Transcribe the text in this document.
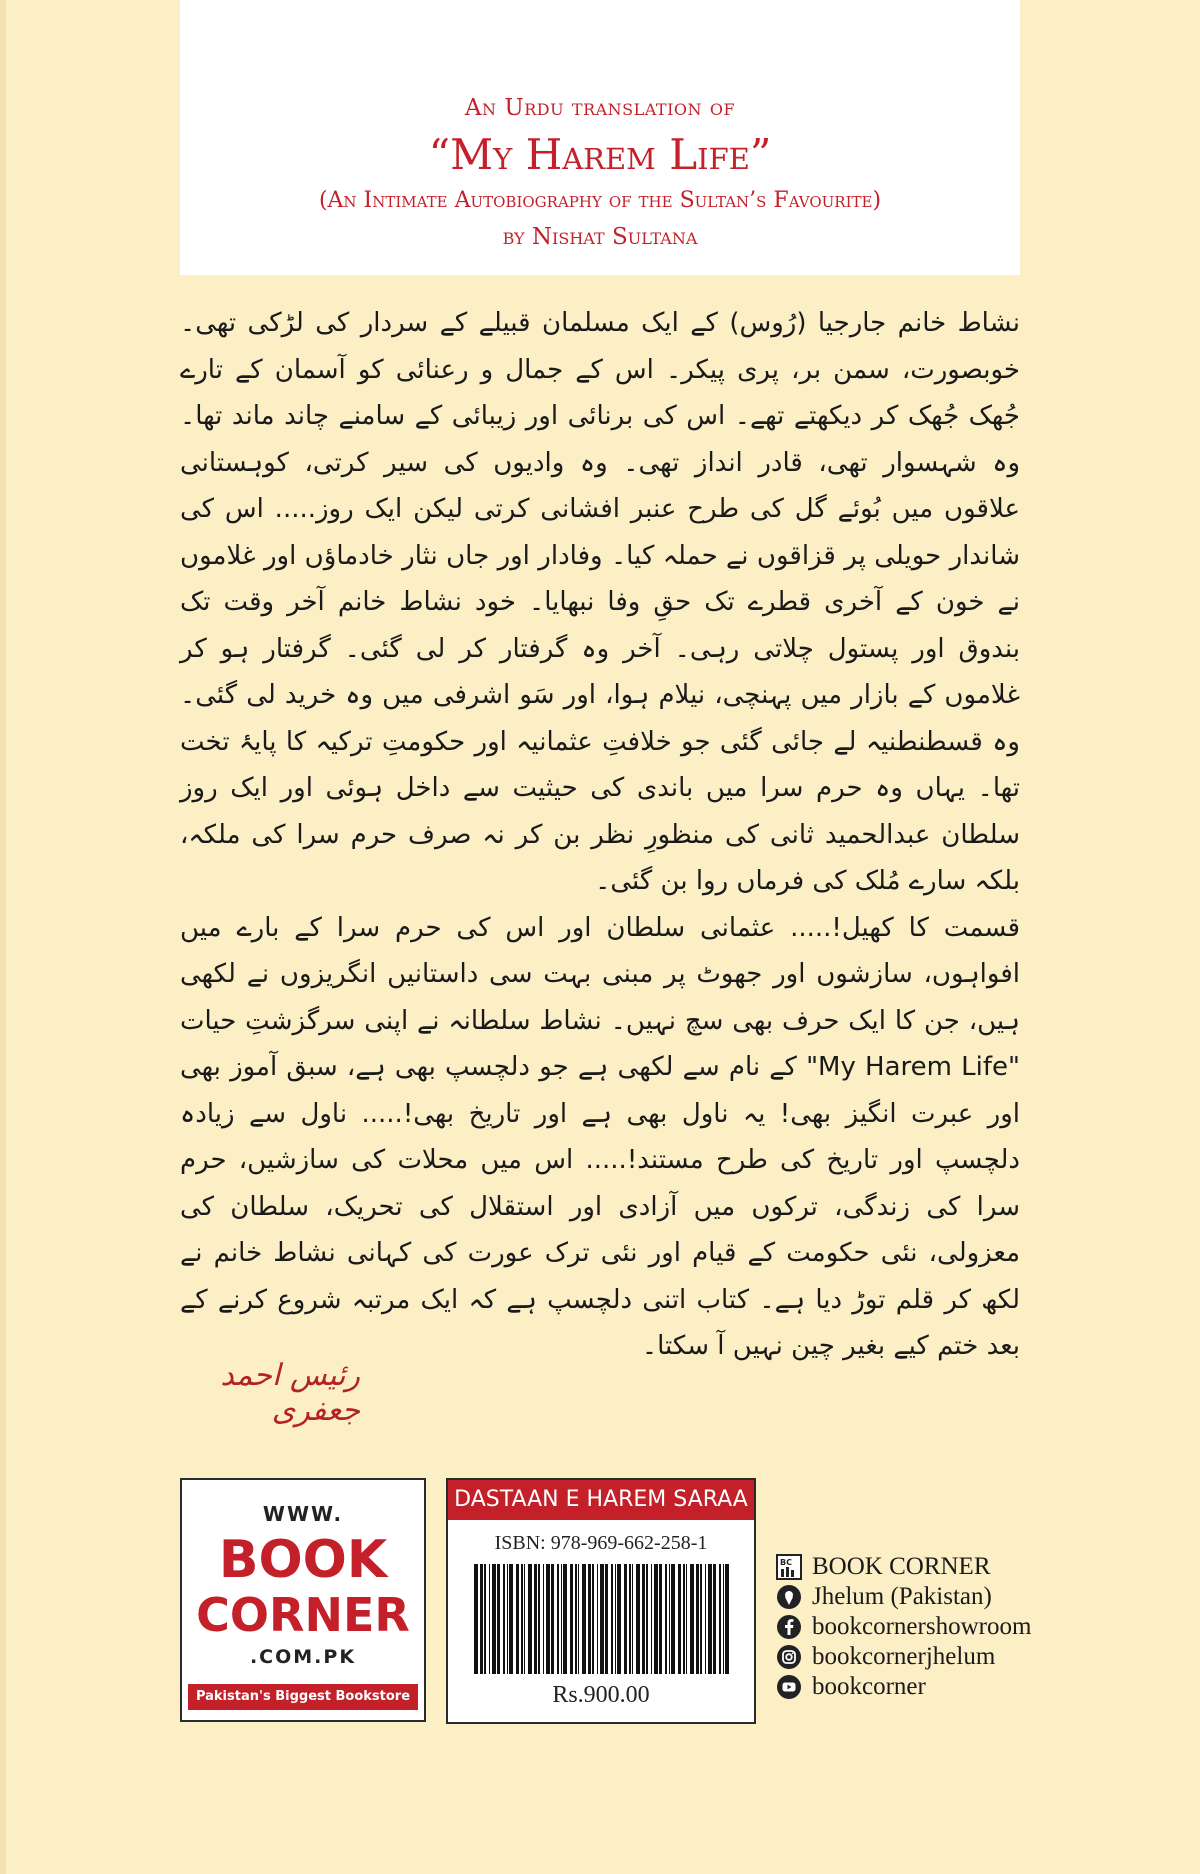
An Urdu translation of
“My Harem Life”
(An Intimate Autobiography of the Sultan’s Favourite)
by Nishat Sultana

نشاط خانم جارجیا (رُوس) کے ایک مسلمان قبیلے کے سردار کی لڑکی تھی۔ خوبصورت، سمن بر، پری پیکر۔ اس کے جمال و رعنائی کو آسمان کے تارے جُھک جُھک کر دیکھتے تھے۔ اس کی برنائی اور زیبائی کے سامنے چاند ماند تھا۔ وہ شہسوار تھی، قادر انداز تھی۔ وہ وادیوں کی سیر کرتی، کوہستانی علاقوں میں بُوئے گل کی طرح عنبر افشانی کرتی لیکن ایک روز..... اس کی شاندار حویلی پر قزاقوں نے حملہ کیا۔ وفادار اور جاں نثار خادماؤں اور غلاموں نے خون کے آخری قطرے تک حقِ وفا نبھایا۔ خود نشاط خانم آخر وقت تک بندوق اور پستول چلاتی رہی۔ آخر وہ گرفتار کر لی گئی۔ گرفتار ہو کر غلاموں کے بازار میں پہنچی، نیلام ہوا، اور سَو اشرفی میں وہ خرید لی گئی۔ وہ قسطنطنیہ لے جائی گئی جو خلافتِ عثمانیہ اور حکومتِ ترکیہ کا پایۂ تخت تھا۔ یہاں وہ حرم سرا میں باندی کی حیثیت سے داخل ہوئی اور ایک روز سلطان عبدالحمید ثانی کی منظورِ نظر بن کر نہ صرف حرم سرا کی ملکہ، بلکہ سارے مُلک کی فرماں روا بن گئی۔

قسمت کا کھیل!..... عثمانی سلطان اور اس کی حرم سرا کے بارے میں افواہوں، سازشوں اور جھوٹ پر مبنی بہت سی داستانیں انگریزوں نے لکھی ہیں، جن کا ایک حرف بھی سچ نہیں۔ نشاط سلطانہ نے اپنی سرگزشتِ حیات "My Harem Life" کے نام سے لکھی ہے جو دلچسپ بھی ہے، سبق آموز بھی اور عبرت انگیز بھی! یہ ناول بھی ہے اور تاریخ بھی!..... ناول سے زیادہ دلچسپ اور تاریخ کی طرح مستند!..... اس میں محلات کی سازشیں، حرم سرا کی زندگی، ترکوں میں آزادی اور استقلال کی تحریک، سلطان کی معزولی، نئی حکومت کے قیام اور نئی ترک عورت کی کہانی نشاط خانم نے لکھ کر قلم توڑ دیا ہے۔ کتاب اتنی دلچسپ ہے کہ ایک مرتبہ شروع کرنے کے بعد ختم کیے بغیر چین نہیں آ سکتا۔

رئیس احمد جعفری
WWW.
BOOK
CORNER
.COM.PK
Pakistan's Biggest Bookstore
DASTAAN E HAREM SARAA
ISBN: 978-969-662-258-1
Rs.900.00
BC BOOK CORNER
Jhelum (Pakistan)
bookcornershowroom
bookcornerjhelum
bookcorner
